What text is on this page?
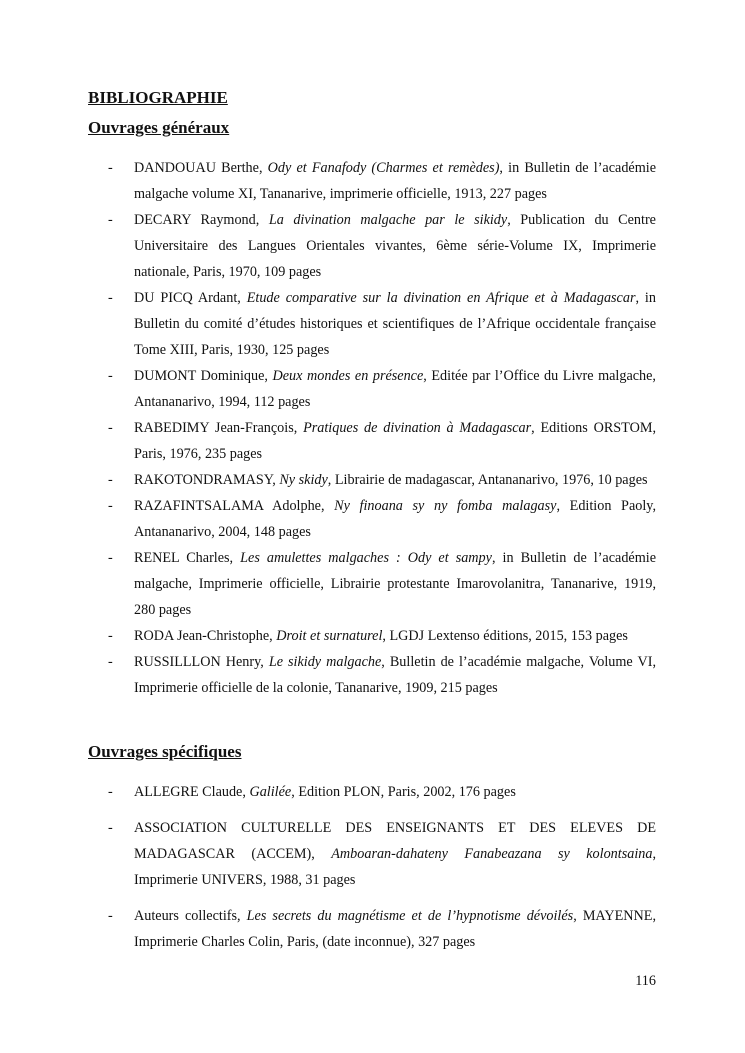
BIBLIOGRAPHIE
Ouvrages généraux
- DANDOUAU Berthe, Ody et Fanafody (Charmes et remèdes), in Bulletin de l’académie malgache volume XI, Tananarive, imprimerie officielle, 1913, 227 pages
- DECARY Raymond, La divination malgache par le sikidy, Publication du Centre Universitaire des Langues Orientales vivantes, 6ème série-Volume IX, Imprimerie nationale, Paris, 1970, 109 pages
- DU PICQ Ardant, Etude comparative sur la divination en Afrique et à Madagascar, in Bulletin du comité d’études historiques et scientifiques de l’Afrique occidentale française Tome XIII, Paris, 1930, 125 pages
- DUMONT Dominique, Deux mondes en présence, Editée par l’Office du Livre malgache, Antananarivo, 1994, 112 pages
- RABEDIMY Jean-François, Pratiques de divination à Madagascar, Editions ORSTOM, Paris, 1976, 235 pages
- RAKOTONDRAMASY, Ny skidy, Librairie de madagascar, Antananarivo, 1976, 10 pages
- RAZAFINTSALAMA Adolphe, Ny finoana sy ny fomba malagasy, Edition Paoly, Antananarivo, 2004, 148 pages
- RENEL Charles, Les amulettes malgaches : Ody et sampy, in Bulletin de l’académie malgache, Imprimerie officielle, Librairie protestante Imarovolanitra, Tananarive, 1919, 280 pages
- RODA Jean-Christophe, Droit et surnaturel, LGDJ Lextenso éditions, 2015, 153 pages
- RUSSILLLON Henry, Le sikidy malgache, Bulletin de l’académie malgache, Volume VI, Imprimerie officielle de la colonie, Tananarive, 1909, 215 pages
Ouvrages spécifiques
- ALLEGRE Claude, Galilée, Edition PLON, Paris, 2002, 176 pages
- ASSOCIATION CULTURELLE DES ENSEIGNANTS ET DES ELEVES DE MADAGASCAR (ACCEM), Amboaran-dahateny Fanabeazana sy kolontsaina, Imprimerie UNIVERS, 1988, 31 pages
- Auteurs collectifs, Les secrets du magnétisme et de l’hypnotisme dévoilés, MAYENNE, Imprimerie Charles Colin, Paris, (date inconnue), 327 pages
116
